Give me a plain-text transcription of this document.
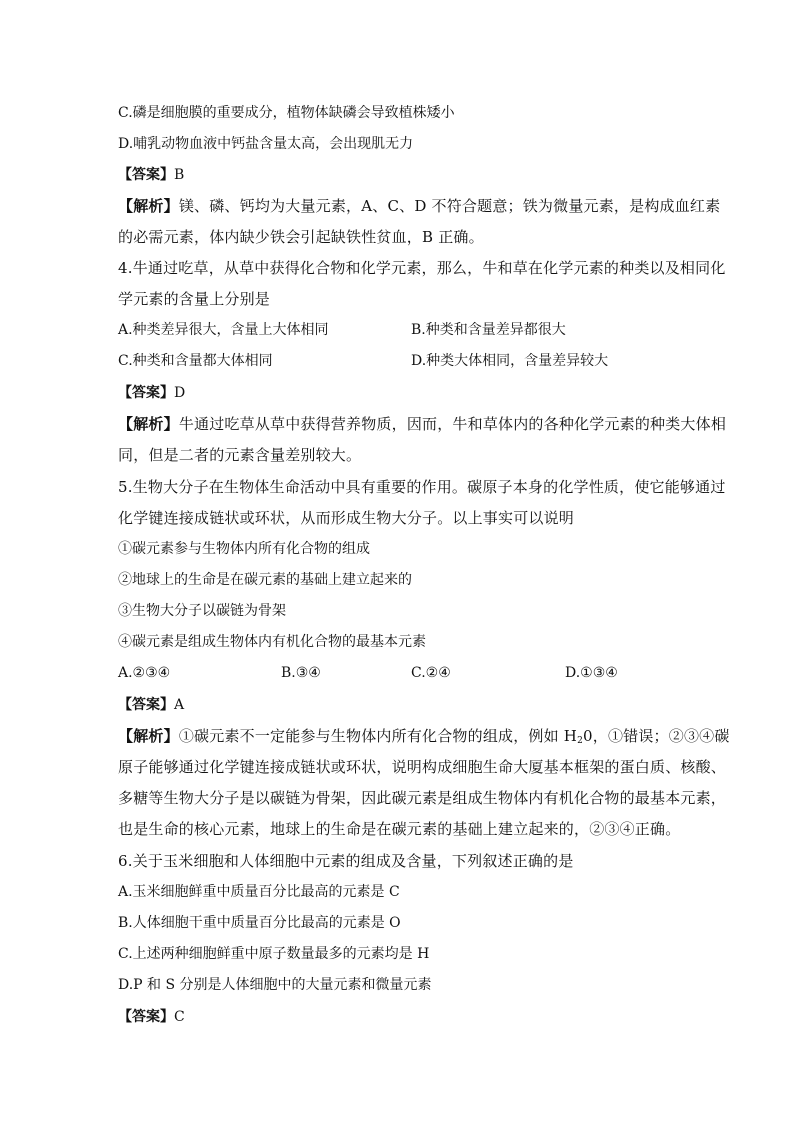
C.磷是细胞膜的重要成分，植物体缺磷会导致植株矮小
D.哺乳动物血液中钙盐含量太高，会出现肌无力
【答案】B
【解析】镁、磷、钙均为大量元素，A、C、D 不符合题意；铁为微量元素，是构成血红素
的必需元素，体内缺少铁会引起缺铁性贫血，B 正确。
4.牛通过吃草，从草中获得化合物和化学元素，那么，牛和草在化学元素的种类以及相同化
学元素的含量上分别是
A.种类差异很大，含量上大体相同	B.种类和含量差异都很大
C.种类和含量都大体相同	D.种类大体相同，含量差异较大
【答案】D
【解析】牛通过吃草从草中获得营养物质，因而，牛和草体内的各种化学元素的种类大体相
同，但是二者的元素含量差别较大。
5.生物大分子在生物体生命活动中具有重要的作用。碳原子本身的化学性质，使它能够通过
化学键连接成链状或环状，从而形成生物大分子。以上事实可以说明
①碳元素参与生物体内所有化合物的组成
②地球上的生命是在碳元素的基础上建立起来的
③生物大分子以碳链为骨架
④碳元素是组成生物体内有机化合物的最基本元素
A.②③④	B.③④	C.②④	D.①③④
【答案】A
【解析】①碳元素不一定能参与生物体内所有化合物的组成，例如 $H_20$，①错误；②③④碳
原子能够通过化学键连接成链状或环状，说明构成细胞生命大厦基本框架的蛋白质、核酸、
多糖等生物大分子是以碳链为骨架，因此碳元素是组成生物体内有机化合物的最基本元素，
也是生命的核心元素，地球上的生命是在碳元素的基础上建立起来的，②③④正确。
6.关于玉米细胞和人体细胞中元素的组成及含量，下列叙述正确的是
A.玉米细胞鲜重中质量百分比最高的元素是 C
B.人体细胞干重中质量百分比最高的元素是 O
C.上述两种细胞鲜重中原子数量最多的元素均是 H
D.P 和 S 分别是人体细胞中的大量元素和微量元素
【答案】C
